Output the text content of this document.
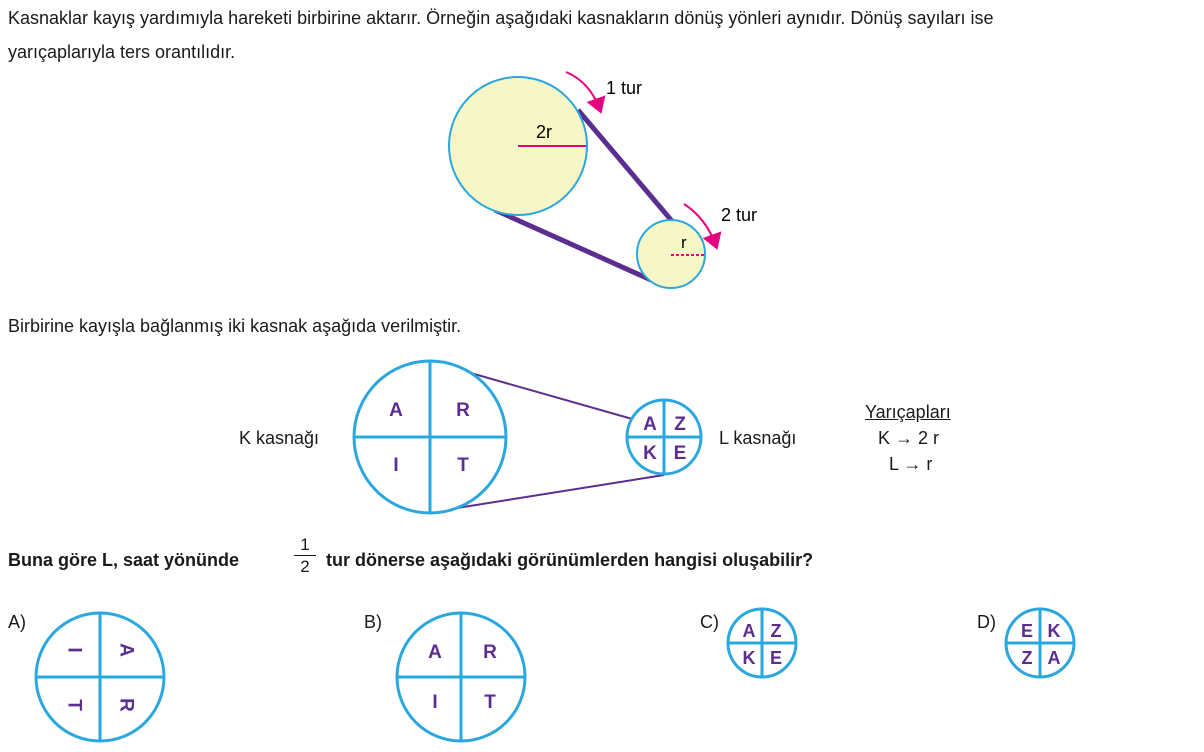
Kasnaklar kayış yardımıyla hareketi birbirine aktarır. Örneğin aşağıdaki kasnakların dönüş yönleri aynıdır. Dönüş sayıları ise
yarıçaplarıyla ters orantılıdır.
2r
r
1 tur
2 tur
Birbirine kayışla bağlanmış iki kasnak aşağıda verilmiştir.
A	R
I	T
A Z
K E
K kasnağı	L kasnağı
Yarıçapları
K → 2 r
L → r
Buna göre L, saat yönünde	$\frac{1}{2}$ tur dönerse aşağıdaki görünümlerden hangisi oluşabilir?
A)	B)	C)	D)
I A
T R
A R
I T
A Z
K E
E K
Z A
